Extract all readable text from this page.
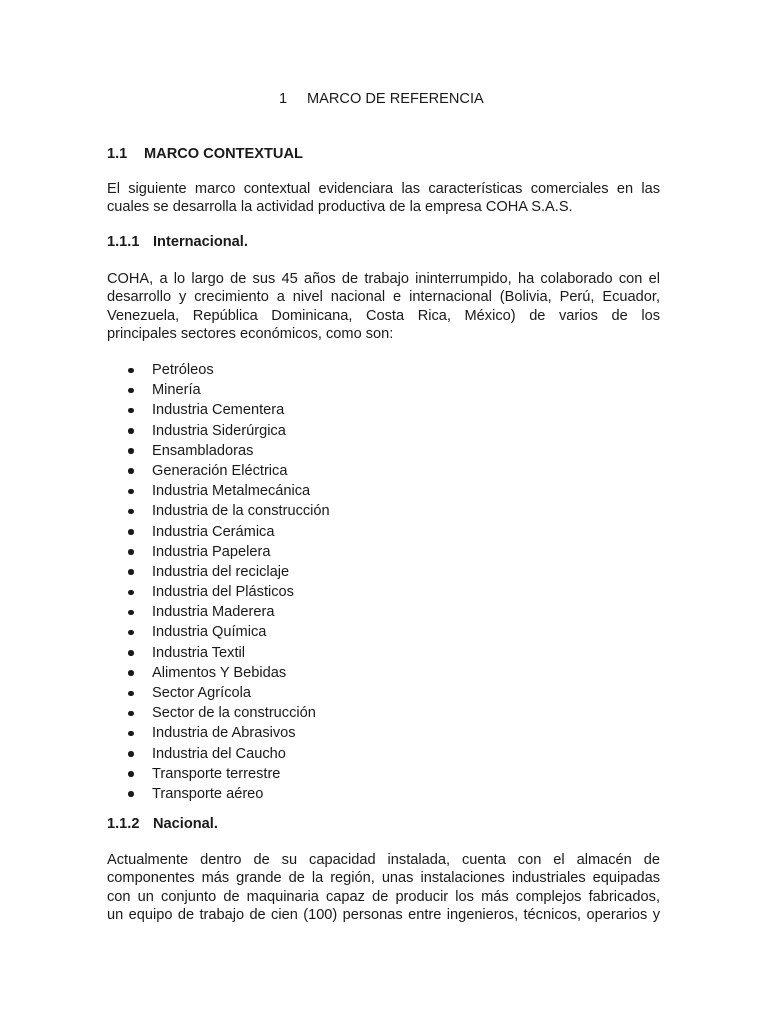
1 MARCO DE REFERENCIA
1.1 MARCO CONTEXTUAL
El siguiente marco contextual evidenciara las características comerciales en las
cuales se desarrolla la actividad productiva de la empresa COHA S.A.S.
1.1.1 Internacional.
COHA, a lo largo de sus 45 años de trabajo ininterrumpido, ha colaborado con el
desarrollo y crecimiento a nivel nacional e internacional (Bolivia, Perú, Ecuador,
Venezuela, República Dominicana, Costa Rica, México) de varios de los
principales sectores económicos, como son:
Petróleos
Minería
Industria Cementera
Industria Siderúrgica
Ensambladoras
Generación Eléctrica
Industria Metalmecánica
Industria de la construcción
Industria Cerámica
Industria Papelera
Industria del reciclaje
Industria del Plásticos
Industria Maderera
Industria Química
Industria Textil
Alimentos Y Bebidas
Sector Agrícola
Sector de la construcción
Industria de Abrasivos
Industria del Caucho
Transporte terrestre
Transporte aéreo
1.1.2 Nacional.
Actualmente dentro de su capacidad instalada, cuenta con el almacén de
componentes más grande de la región, unas instalaciones industriales equipadas
con un conjunto de maquinaria capaz de producir los más complejos fabricados,
un equipo de trabajo de cien (100) personas entre ingenieros, técnicos, operarios y
